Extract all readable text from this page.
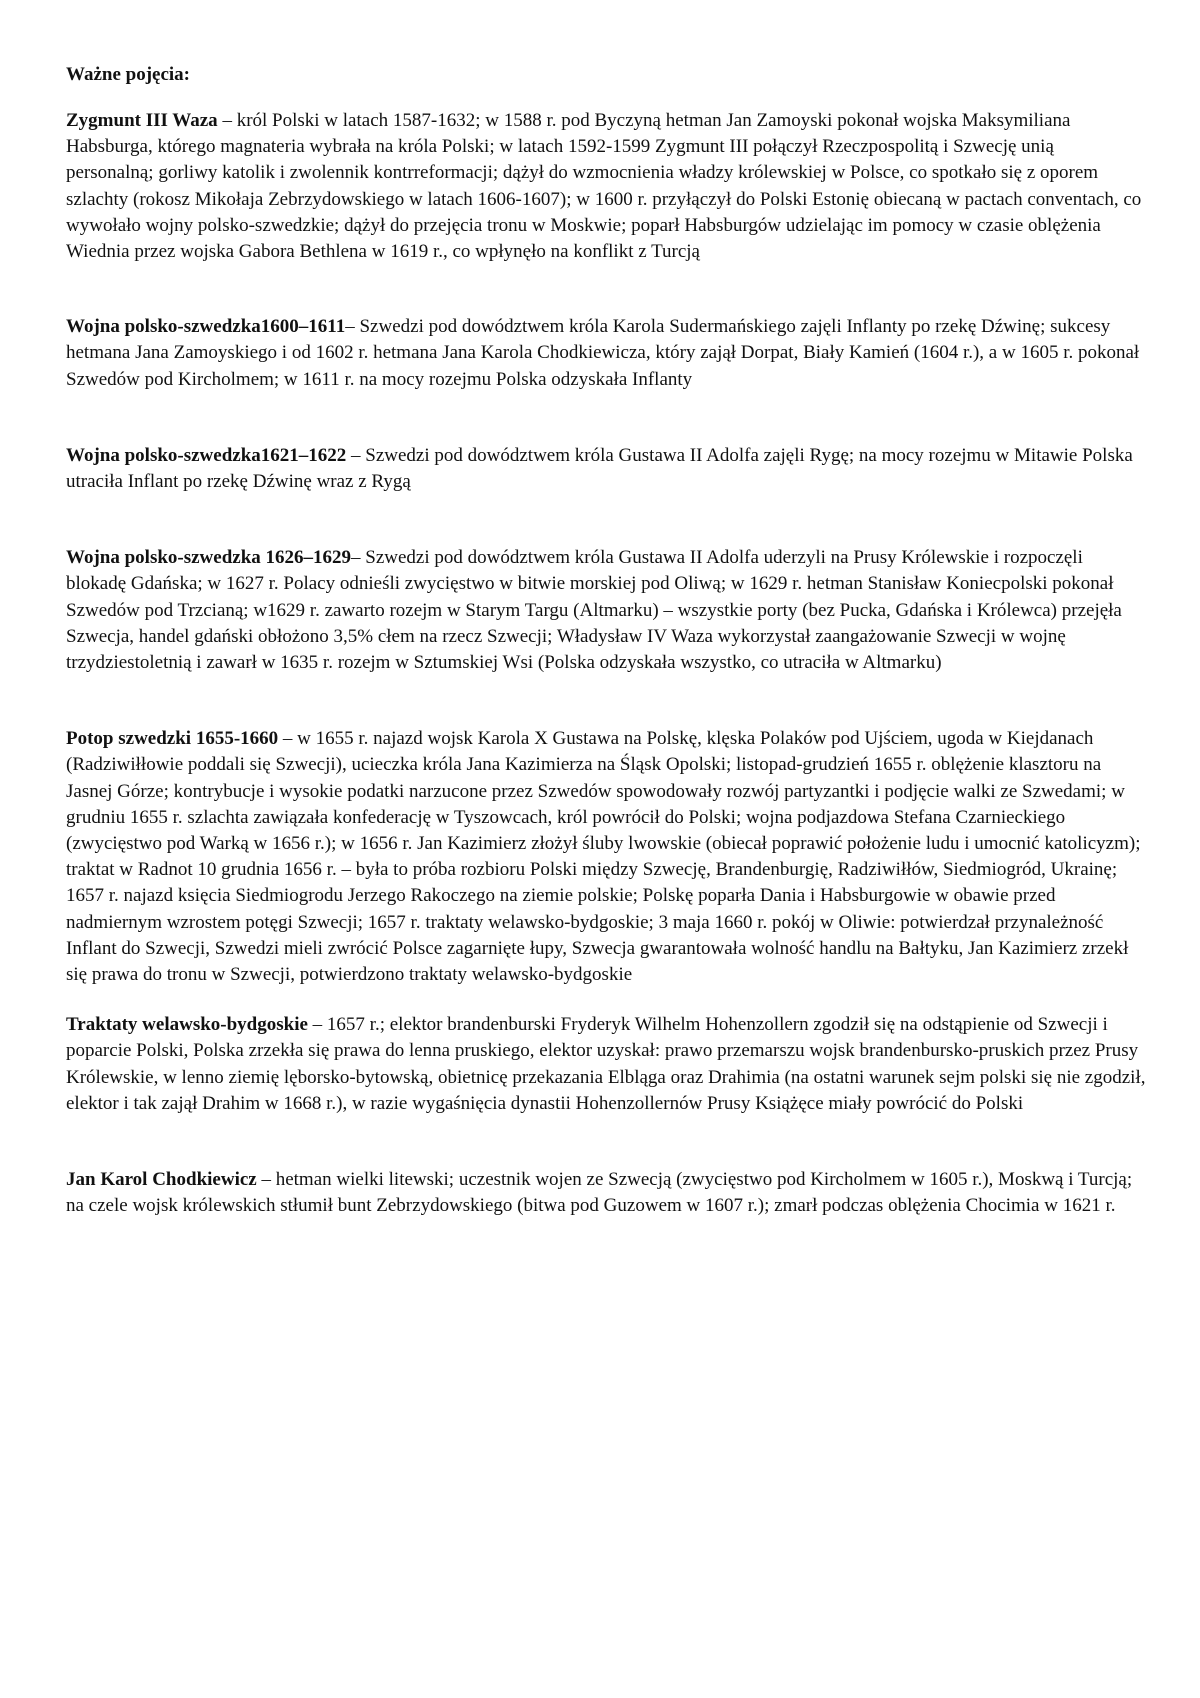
Ważne pojęcia:

Zygmunt III Waza – król Polski w latach 1587-1632; w 1588 r. pod Byczyną hetman Jan Zamoyski pokonał wojska Maksymiliana Habsburga, którego magnateria wybrała na króla Polski; w latach 1592-1599 Zygmunt III połączył Rzeczpospolitą i Szwecję unią personalną; gorliwy katolik i zwolennik kontrreformacji; dążył do wzmocnienia władzy królewskiej w Polsce, co spotkało się z oporem szlachty (rokosz Mikołaja Zebrzydowskiego w latach 1606-1607); w 1600 r. przyłączył do Polski Estonię obiecaną w pactach conventach, co wywołało wojny polsko-szwedzkie; dążył do przejęcia tronu w Moskwie; poparł Habsburgów udzielając im pomocy w czasie oblężenia Wiednia przez wojska Gabora Bethlena w 1619 r., co wpłynęło na konflikt z Turcją

Wojna polsko-szwedzka1600–1611– Szwedzi pod dowództwem króla Karola Sudermańskiego zajęli Inflanty po rzekę Dźwinę; sukcesy hetmana Jana Zamoyskiego i od 1602 r. hetmana Jana Karola Chodkiewicza, który zajął Dorpat, Biały Kamień (1604 r.), a w 1605 r. pokonał Szwedów pod Kircholmem; w 1611 r. na mocy rozejmu Polska odzyskała Inflanty

Wojna polsko-szwedzka1621–1622 – Szwedzi pod dowództwem króla Gustawa II Adolfa zajęli Rygę; na mocy rozejmu w Mitawie Polska utraciła Inflant po rzekę Dźwinę wraz z Rygą

Wojna polsko-szwedzka 1626–1629– Szwedzi pod dowództwem króla Gustawa II Adolfa uderzyli na Prusy Królewskie i rozpoczęli blokadę Gdańska; w 1627 r. Polacy odnieśli zwycięstwo w bitwie morskiej pod Oliwą; w 1629 r. hetman Stanisław Koniecpolski pokonał Szwedów pod Trzcianą; w1629 r. zawarto rozejm w Starym Targu (Altmarku) – wszystkie porty (bez Pucka, Gdańska i Królewca) przejęła Szwecja, handel gdański obłożono 3,5% cłem na rzecz Szwecji; Władysław IV Waza wykorzystał zaangażowanie Szwecji w wojnę trzydziestoletnią i zawarł w 1635 r. rozejm w Sztumskiej Wsi (Polska odzyskała wszystko, co utraciła w Altmarku)

Potop szwedzki 1655-1660 – w 1655 r. najazd wojsk Karola X Gustawa na Polskę, klęska Polaków pod Ujściem, ugoda w Kiejdanach (Radziwiłłowie poddali się Szwecji), ucieczka króla Jana Kazimierza na Śląsk Opolski; listopad-grudzień 1655 r. oblężenie klasztoru na Jasnej Górze; kontrybucje i wysokie podatki narzucone przez Szwedów spowodowały rozwój partyzantki i podjęcie walki ze Szwedami; w grudniu 1655 r. szlachta zawiązała konfederację w Tyszowcach, król powrócił do Polski; wojna podjazdowa Stefana Czarnieckiego (zwycięstwo pod Warką w 1656 r.); w 1656 r. Jan Kazimierz złożył śluby lwowskie (obiecał poprawić położenie ludu i umocnić katolicyzm); traktat w Radnot 10 grudnia 1656 r. – była to próba rozbioru Polski między Szwecję, Brandenburgię, Radziwiłłów, Siedmiogród, Ukrainę; 1657 r. najazd księcia Siedmiogrodu Jerzego Rakoczego na ziemie polskie; Polskę poparła Dania i Habsburgowie w obawie przed nadmiernym wzrostem potęgi Szwecji; 1657 r. traktaty welawsko-bydgoskie; 3 maja 1660 r. pokój w Oliwie: potwierdzał przynależność Inflant do Szwecji, Szwedzi mieli zwrócić Polsce zagarnięte łupy, Szwecja gwarantowała wolność handlu na Bałtyku, Jan Kazimierz zrzekł się prawa do tronu w Szwecji, potwierdzono traktaty welawsko-bydgoskie

Traktaty welawsko-bydgoskie – 1657 r.; elektor brandenburski Fryderyk Wilhelm Hohenzollern zgodził się na odstąpienie od Szwecji i poparcie Polski, Polska zrzekła się prawa do lenna pruskiego, elektor uzyskał: prawo przemarszu wojsk brandenbursko-pruskich przez Prusy Królewskie, w lenno ziemię lęborsko-bytowską, obietnicę przekazania Elbląga oraz Drahimia (na ostatni warunek sejm polski się nie zgodził, elektor i tak zajął Drahim w 1668 r.), w razie wygaśnięcia dynastii Hohenzollernów Prusy Książęce miały powrócić do Polski

Jan Karol Chodkiewicz – hetman wielki litewski; uczestnik wojen ze Szwecją (zwycięstwo pod Kircholmem w 1605 r.), Moskwą i Turcją; na czele wojsk królewskich stłumił bunt Zebrzydowskiego (bitwa pod Guzowem w 1607 r.); zmarł podczas oblężenia Chocimia w 1621 r.
